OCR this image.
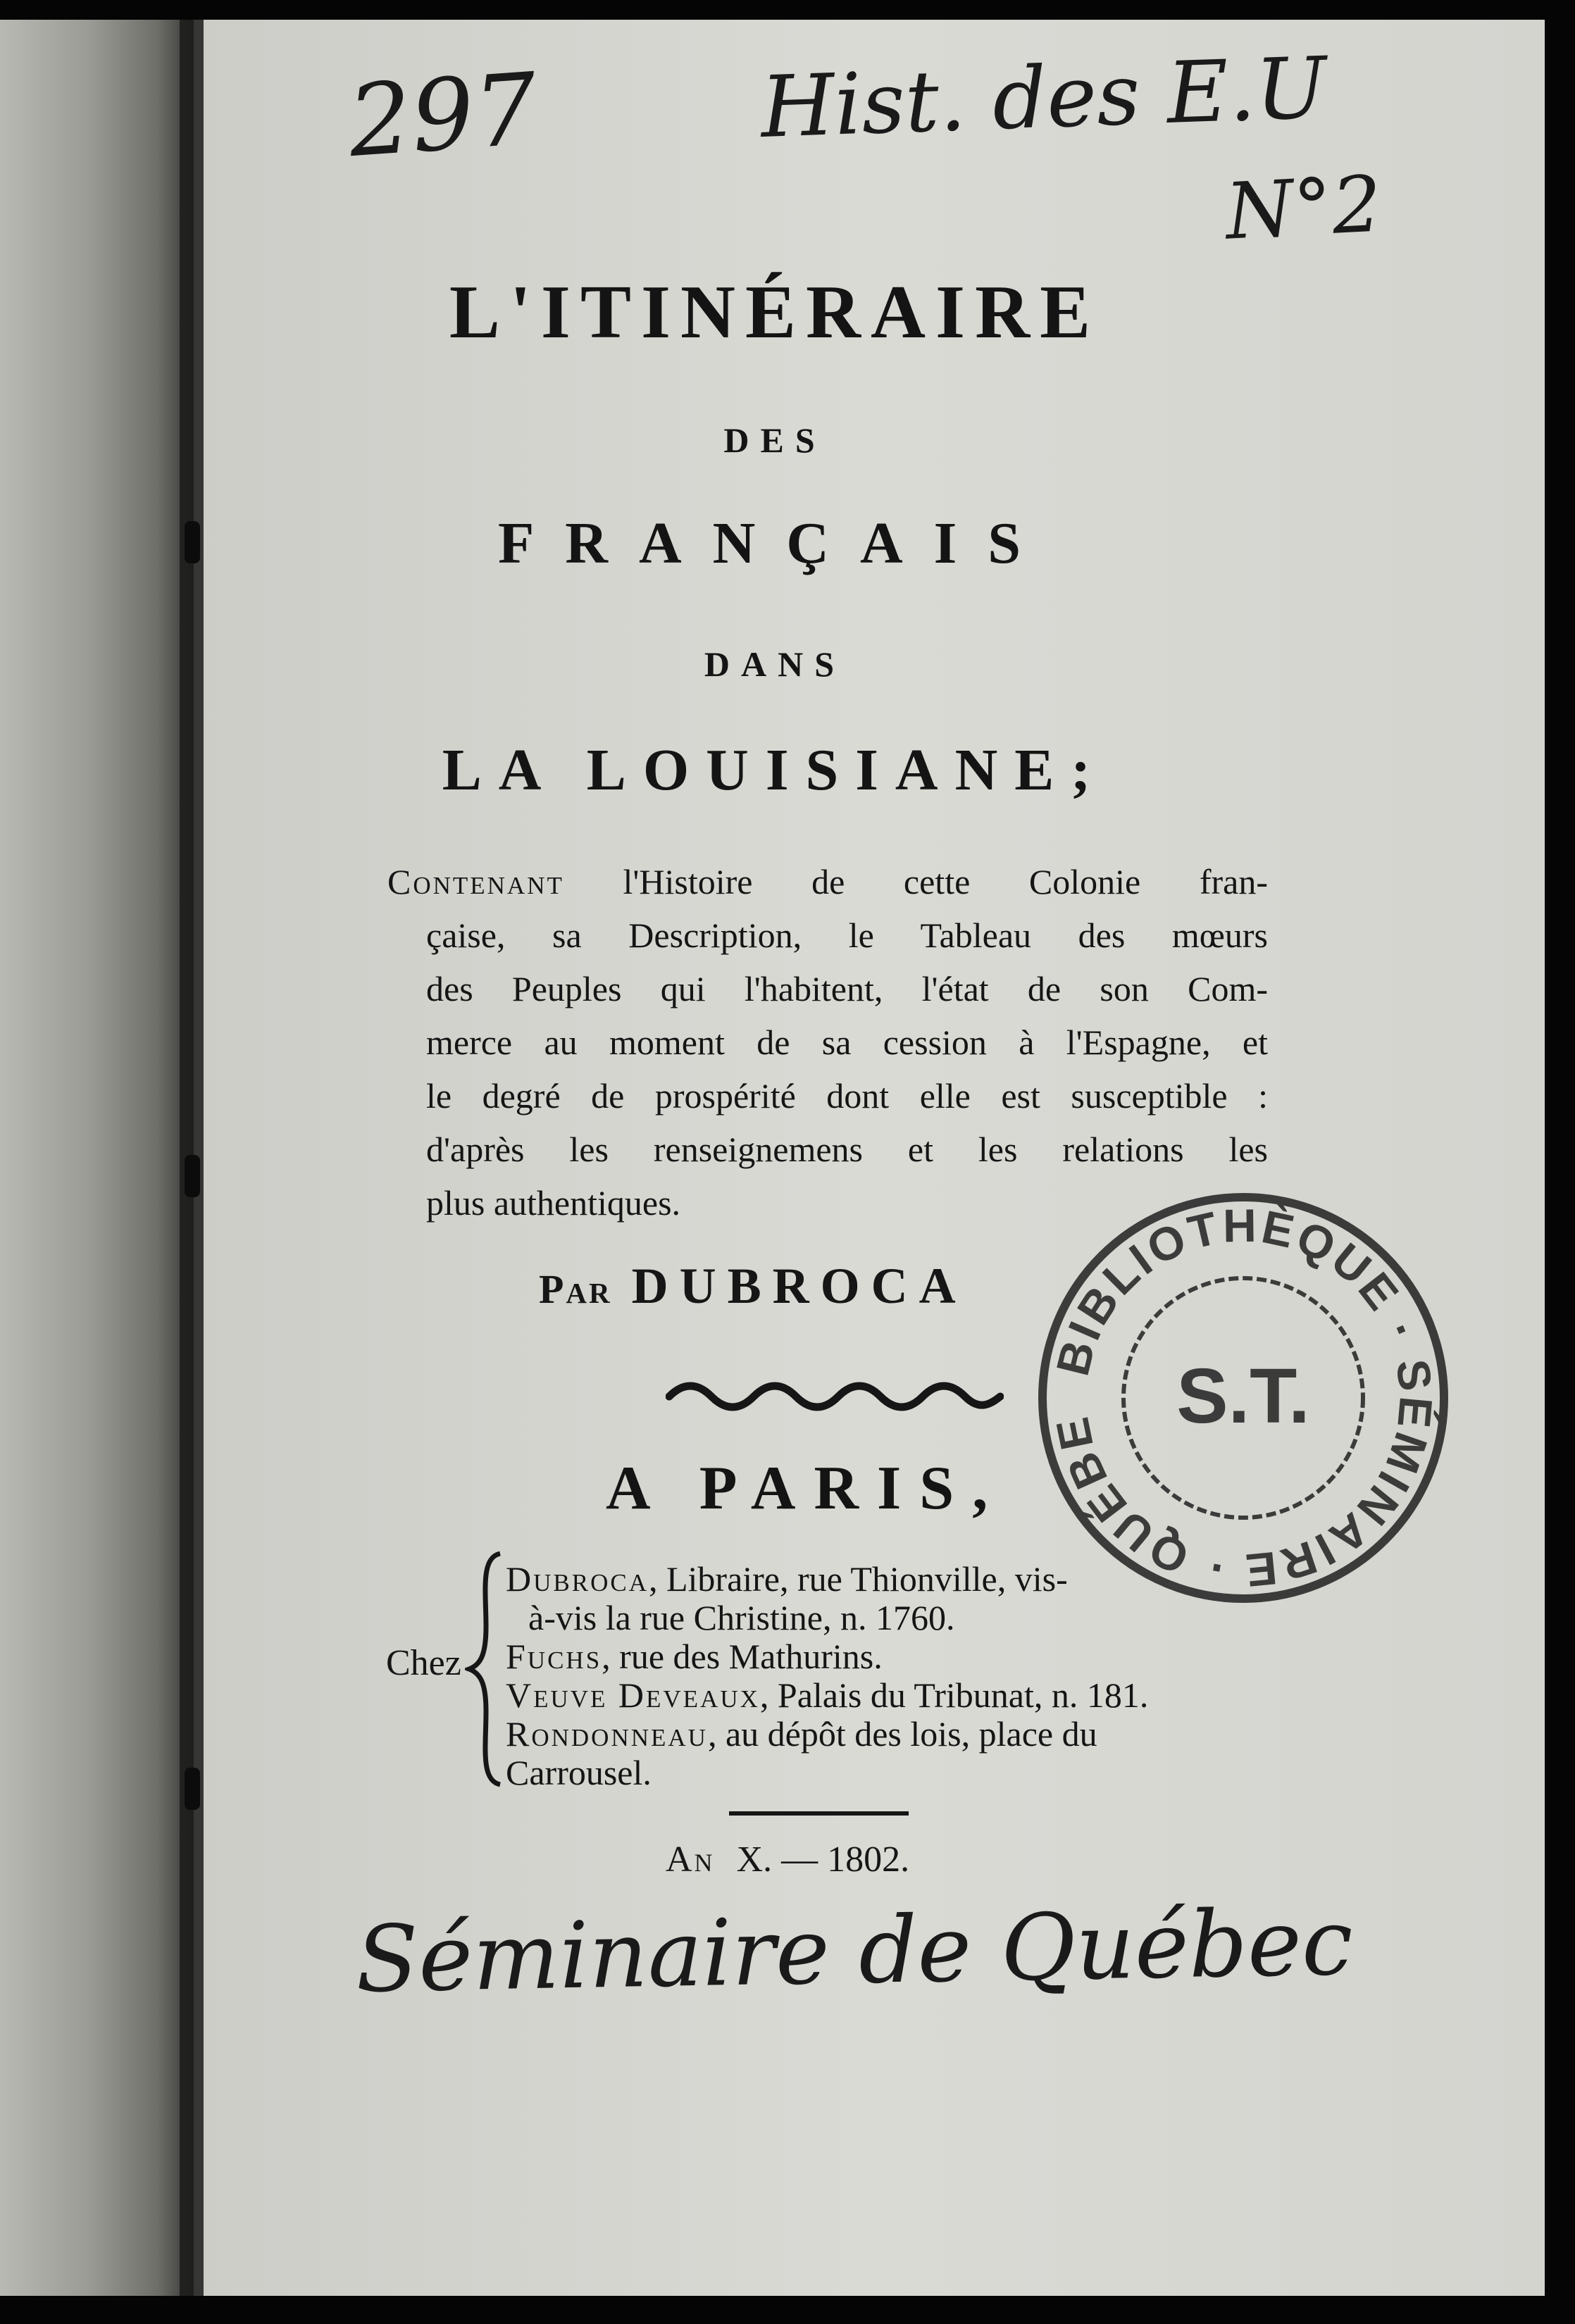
297	Hist. des E.U
N°2
L'ITINÉRAIRE
DES
FRANÇAIS
DANS
LA LOUISIANE;
Contenant l'Histoire de cette Colonie fran-
çaise, sa Description, le Tableau des mœurs
des Peuples qui l'habitent, l'état de son Com-
merce au moment de sa cession à l'Espagne, et
le degré de prospérité dont elle est susceptible :
d'après les renseignemens et les relations les
plus authentiques.
Par DUBROCA
A PARIS,
Chez
Dubroca, Libraire, rue Thionville, vis-
à-vis la rue Christine, n. 1760.
Fuchs, rue des Mathurins.
Veuve Deveaux, Palais du Tribunat, n. 181.
Rondonneau, au dépôt des lois, place du
Carrousel.
An X. — 1802.
Séminaire de Québec
BIBLIOTHÈQUE · SÉMINAIRE · QUÉBE S.T.
